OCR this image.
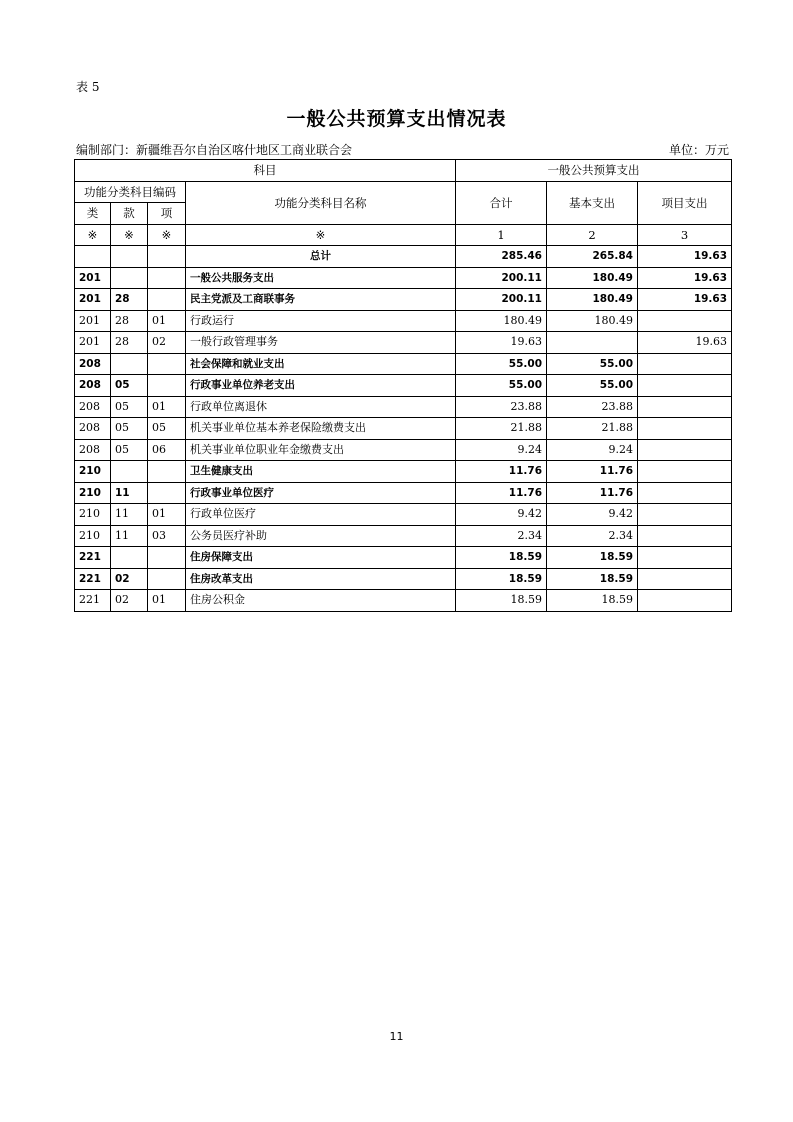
表 5
一般公共预算支出情况表
编制部门：新疆维吾尔自治区喀什地区工商业联合会	单位：万元
科目				一般公共预算支出		
功能分类科目编码			功能分类科目名称	合计	基本支出	项目支出
类	款	项				
※	※	※	※	1	2	3
			总计	285.46	265.84	19.63
201			一般公共服务支出	200.11	180.49	19.63
201	28		民主党派及工商联事务	200.11	180.49	19.63
201	28	01	行政运行	180.49	180.49	
201	28	02	一般行政管理事务	19.63		19.63
208			社会保障和就业支出	55.00	55.00	
208	05		行政事业单位养老支出	55.00	55.00	
208	05	01	行政单位离退休	23.88	23.88	
208	05	05	机关事业单位基本养老保险缴费支出	21.88	21.88	
208	05	06	机关事业单位职业年金缴费支出	9.24	9.24	
210			卫生健康支出	11.76	11.76	
210	11		行政事业单位医疗	11.76	11.76	
210	11	01	行政单位医疗	9.42	9.42	
210	11	03	公务员医疗补助	2.34	2.34	
221			住房保障支出	18.59	18.59	
221	02		住房改革支出	18.59	18.59	
221	02	01	住房公积金	18.59	18.59	
11
